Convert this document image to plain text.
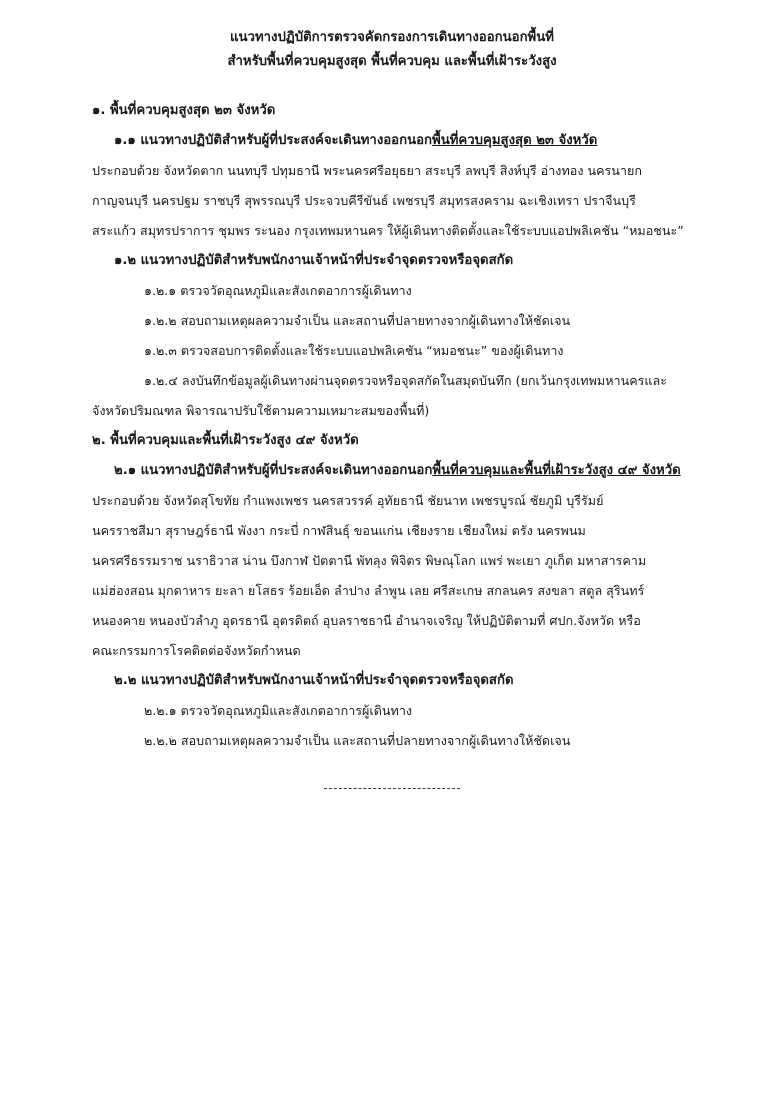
แนวทางปฏิบัติการตรวจคัดกรองการเดินทางออกนอกพื้นที่

สำหรับพื้นที่ควบคุมสูงสุด พื้นที่ควบคุม และพื้นที่เฝ้าระวังสูง

๑. พื้นที่ควบคุมสูงสุด ๒๓ จังหวัด

๑.๑ แนวทางปฏิบัติสำหรับผู้ที่ประสงค์จะเดินทางออกนอกพื้นที่ควบคุมสูงสุด ๒๓ จังหวัด

ประกอบด้วย จังหวัดตาก นนทบุรี ปทุมธานี พระนครศรีอยุธยา สระบุรี ลพบุรี สิงห์บุรี อ่างทอง นครนายก

กาญจนบุรี นครปฐม ราชบุรี สุพรรณบุรี ประจวบคีรีขันธ์ เพชรบุรี สมุทรสงคราม ฉะเชิงเทรา ปราจีนบุรี

สระแก้ว สมุทรปราการ ชุมพร ระนอง กรุงเทพมหานคร ให้ผู้เดินทางติดตั้งและใช้ระบบแอปพลิเคชัน “หมอชนะ”

๑.๒ แนวทางปฏิบัติสำหรับพนักงานเจ้าหน้าที่ประจำจุดตรวจหรือจุดสกัด

๑.๒.๑ ตรวจวัดอุณหภูมิและสังเกตอาการผู้เดินทาง

๑.๒.๒ สอบถามเหตุผลความจำเป็น และสถานที่ปลายทางจากผู้เดินทางให้ชัดเจน

๑.๒.๓ ตรวจสอบการติดตั้งและใช้ระบบแอปพลิเคชัน “หมอชนะ” ของผู้เดินทาง

๑.๒.๔ ลงบันทึกข้อมูลผู้เดินทางผ่านจุดตรวจหรือจุดสกัดในสมุดบันทึก (ยกเว้นกรุงเทพมหานครและ

จังหวัดปริมณฑล พิจารณาปรับใช้ตามความเหมาะสมของพื้นที่)

๒. พื้นที่ควบคุมและพื้นที่เฝ้าระวังสูง ๔๙ จังหวัด

๒.๑ แนวทางปฏิบัติสำหรับผู้ที่ประสงค์จะเดินทางออกนอกพื้นที่ควบคุมและพื้นที่เฝ้าระวังสูง ๔๙ จังหวัด

ประกอบด้วย จังหวัดสุโขทัย กำแพงเพชร นครสวรรค์ อุทัยธานี ชัยนาท เพชรบูรณ์ ชัยภูมิ บุรีรัมย์

นครราชสีมา สุราษฎร์ธานี พังงา กระบี่ กาฬสินธุ์ ขอนแก่น เชียงราย เชียงใหม่ ตรัง นครพนม

นครศรีธรรมราช นราธิวาส น่าน บึงกาฬ ปัตตานี พัทลุง พิจิตร พิษณุโลก แพร่ พะเยา ภูเก็ต มหาสารคาม

แม่ฮ่องสอน มุกดาหาร ยะลา ยโสธร ร้อยเอ็ด ลำปาง ลำพูน เลย ศรีสะเกษ สกลนคร สงขลา สตูล สุรินทร์

หนองคาย หนองบัวลำภู อุดรธานี อุตรดิตถ์ อุบลราชธานี อำนาจเจริญ ให้ปฏิบัติตามที่ ศปก.จังหวัด หรือ

คณะกรรมการโรคติดต่อจังหวัดกำหนด

๒.๒ แนวทางปฏิบัติสำหรับพนักงานเจ้าหน้าที่ประจำจุดตรวจหรือจุดสกัด

๒.๒.๑ ตรวจวัดอุณหภูมิและสังเกตอาการผู้เดินทาง

๒.๒.๒ สอบถามเหตุผลความจำเป็น และสถานที่ปลายทางจากผู้เดินทางให้ชัดเจน
